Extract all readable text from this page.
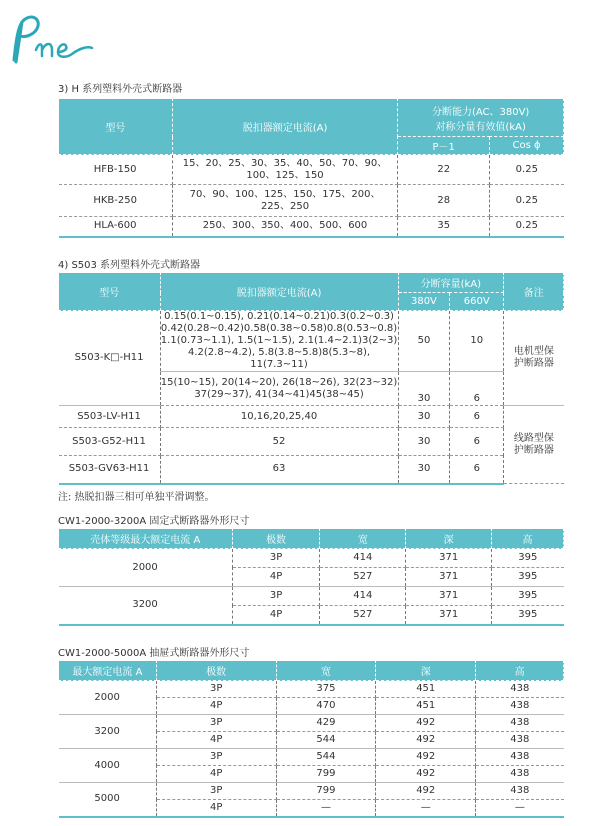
3) H 系列塑料外壳式断路器
型号	脱扣器额定电流(A)	分断能力(AC、380V)
对称分量有效值(kA)	
		P－1	Cos ϕ
HFB-150	15、20、25、30、35、40、50、70、90、100、125、150	22	0.25
HKB-250	70、90、100、125、150、175、200、225、250	28	0.25
HLA-600	250、300、350、400、500、600	35	0.25
4) S503 系列塑料外壳式断路器
型号	脱扣器额定电流(A)	分断容量(kA)		备注
		380V	660V	
S503-K□-H11	0.15(0.1~0.15), 0.21(0.14~0.21)0.3(0.2~0.3)
0.42(0.28~0.42)0.58(0.38~0.58)0.8(0.53~0.8)
1.1(0.73~1.1), 1.5(1~1.5), 2.1(1.4~2.1)3(2~3)
4.2(2.8~4.2), 5.8(3.8~5.8)8(5.3~8), 11(7.3~11)	50	10	电机型保护断路器
	15(10~15), 20(14~20), 26(18~26), 32(23~32)
37(29~37), 41(34~41)45(38~45)	30	6	
S503-LV-H11	10,16,20,25,40	30	6	线路型保护断路器
S503-G52-H11	52	30	6	
S503-GV63-H11	63	30	6	
注: 热脱扣器三相可单独平滑调整。
CW1-2000-3200A 固定式断路器外形尺寸
壳体等级最大额定电流 A	极数	宽	深	高
2000	3P	414	371	395
	4P	527	371	395
3200	3P	414	371	395
	4P	527	371	395
CW1-2000-5000A 抽屉式断路器外形尺寸
最大额定电流 A	极数	宽	深	高
2000	3P	375	451	438
	4P	470	451	438
3200	3P	429	492	438
	4P	544	492	438
4000	3P	544	492	438
	4P	799	492	438
5000	3P	799	492	438
	4P	—	—	—
